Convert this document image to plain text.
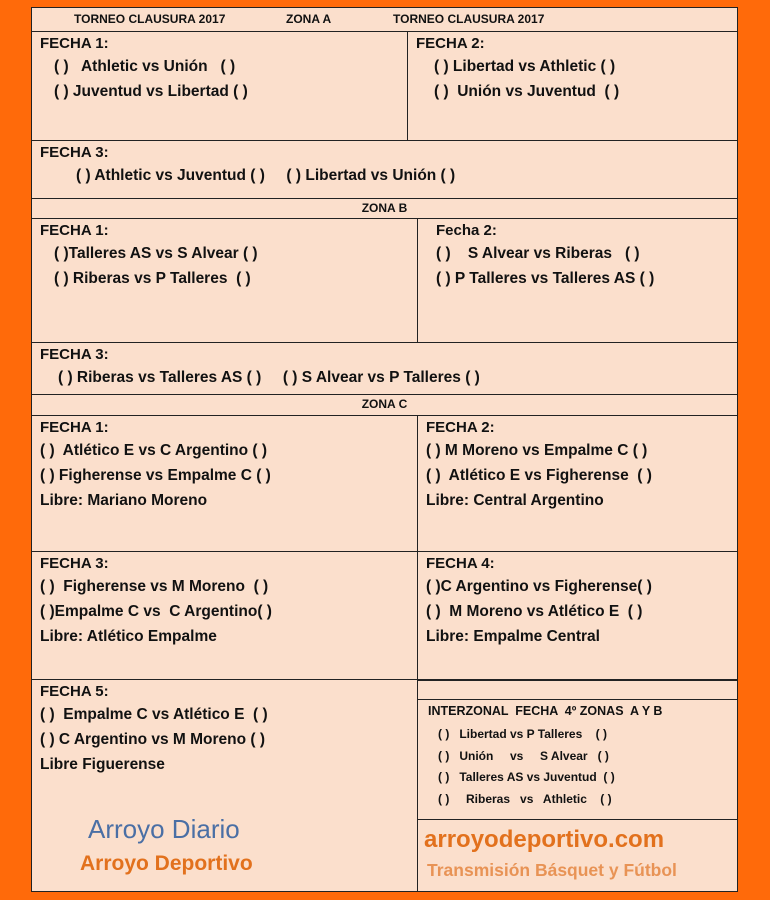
TORNEO CLAUSURA 2017	ZONA A	TORNEO CLAUSURA 2017
FECHA 1:
( )   Athletic vs Unión   ( )
( ) Juventud vs Libertad ( )
FECHA 2:
( ) Libertad vs Athletic ( )
( )  Unión vs Juventud  ( )
FECHA 3:
( ) Athletic vs Juventud ( )     ( ) Libertad vs Unión ( )
ZONA B
FECHA 1:
( )Talleres AS vs S Alvear ( )
( ) Riberas vs P Talleres  ( )
Fecha 2:
( )    S Alvear vs Riberas   ( )
( ) P Talleres vs Talleres AS ( )
FECHA 3:
( ) Riberas vs Talleres AS ( )     ( ) S Alvear vs P Talleres ( )
ZONA C
FECHA 1:
( )  Atlético E vs C Argentino ( )
( ) Figherense vs Empalme C ( )
Libre: Mariano Moreno
FECHA 2:
( ) M Moreno vs Empalme C ( )
( )  Atlético E vs Figherense  ( )
Libre: Central Argentino
FECHA 3:
( )  Figherense vs M Moreno  ( )
( )Empalme C vs  C Argentino( )
Libre: Atlético Empalme
FECHA 4:
( )C Argentino vs Figherense( )
( )  M Moreno vs Atlético E  ( )
Libre: Empalme Central
FECHA 5:
( )  Empalme C vs Atlético E  ( )
( ) C Argentino vs M Moreno ( )
Libre Figuerense
Arroyo Diario
Arroyo Deportivo
INTERZONAL  FECHA  4º ZONAS  A Y B
( )   Libertad vs P Talleres    ( )
( )   Unión     vs     S Alvear   ( )
( )   Talleres AS vs Juventud  ( )
( )     Riberas   vs   Athletic    ( )
arroyodeportivo.com
Transmisión Básquet y Fútbol
